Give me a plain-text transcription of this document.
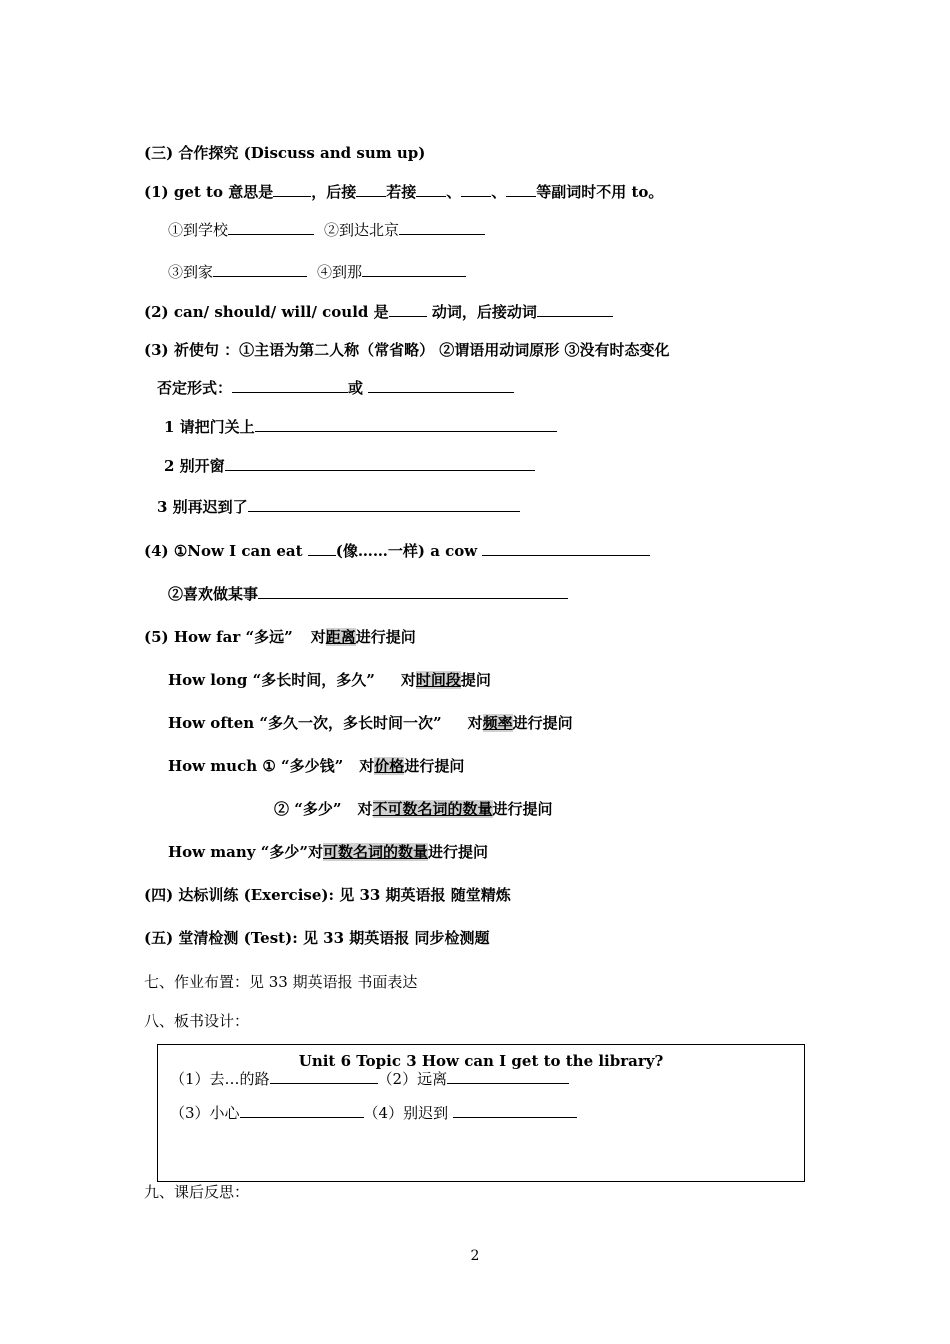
(三) 合作探究 (Discuss and sum up)
(1) get to 意思是	，后接 若接 、 、 等副词时不用 to。
①到学校	②到达北京
③到家	④到那
(2) can/ should/ will/ could 是	动词，后接动词
(3) 祈使句 ：①主语为第二人称（常省略） ②谓语用动词原形 ③没有时态变化
否定形式：	或
1 请把门关上
2 别开窗
3 别再迟到了
(4) ①Now I can eat (像……一样) a cow
②喜欢做某事
(5) How far “多远” 对距离进行提问
How long “多长时间，多久” 对时间段提问
How often “多久一次，多长时间一次” 对频率进行提问
How much ① “多少钱” 对价格进行提问
② “多少” 对不可数名词的数量进行提问
How many “多少”对可数名词的数量进行提问
(四) 达标训练 (Exercise): 见 33 期英语报 随堂精炼
(五) 堂清检测 (Test): 见 33 期英语报 同步检测题
七、作业布置：见 33 期英语报 书面表达
八、板书设计：
Unit 6 Topic 3 How can I get to the library?
（1）去…的路	（2）远离
（3）小心	（4）别迟到
九、课后反思：
2
